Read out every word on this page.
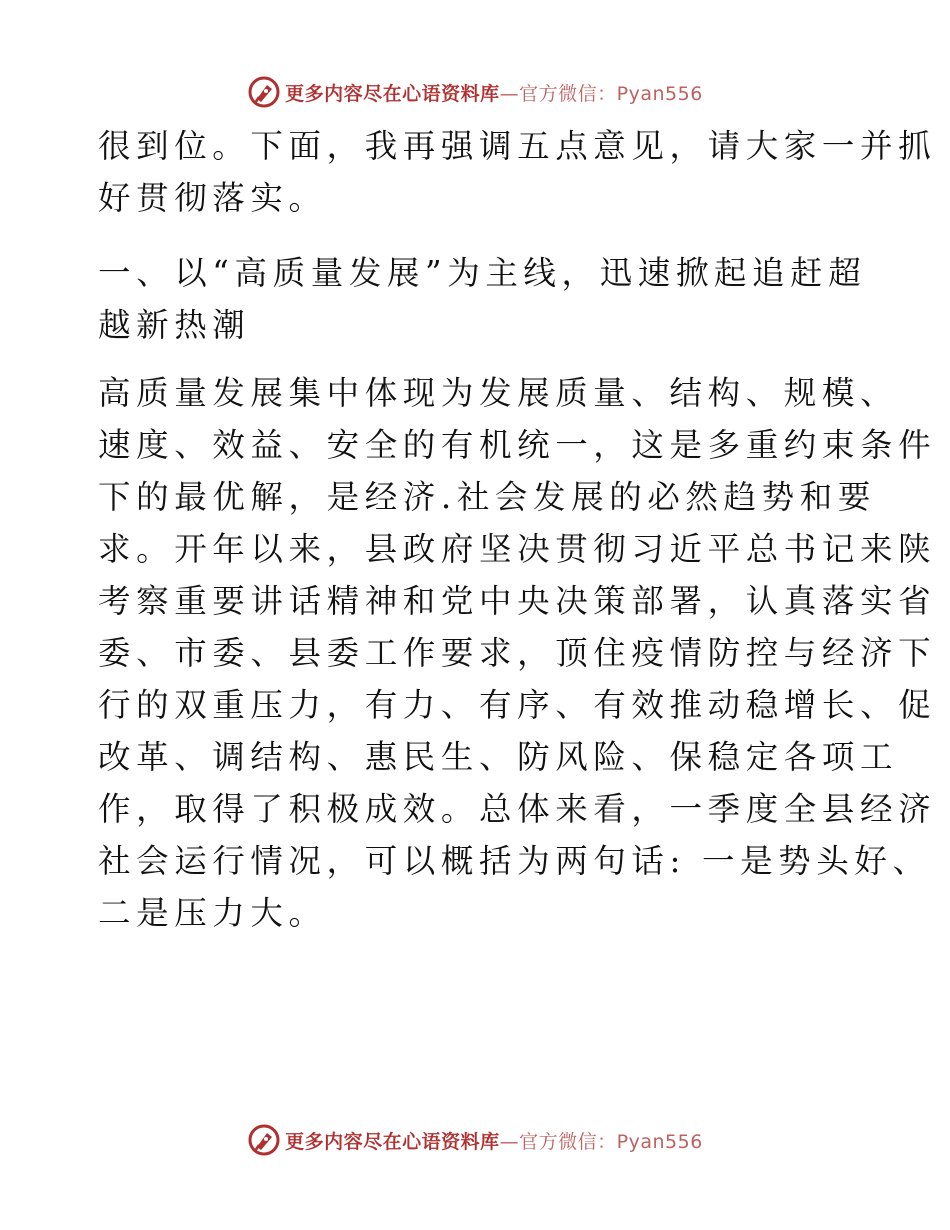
更多内容尽在心语资料库—官方微信：Pyan556
很到位。下面，我再强调五点意见，请大家一并抓
好贯彻落实。
一、以“高质量发展”为主线，迅速掀起追赶超
越新热潮
高质量发展集中体现为发展质量、结构、规模、
速度、效益、安全的有机统一，这是多重约束条件
下的最优解，是经济.社会发展的必然趋势和要
求。开年以来，县政府坚决贯彻习近平总书记来陕
考察重要讲话精神和党中央决策部署，认真落实省
委、市委、县委工作要求，顶住疫情防控与经济下
行的双重压力，有力、有序、有效推动稳增长、促
改革、调结构、惠民生、防风险、保稳定各项工
作，取得了积极成效。总体来看，一季度全县经济
社会运行情况，可以概括为两句话: 一是势头好、
二是压力大。
更多内容尽在心语资料库—官方微信：Pyan556
